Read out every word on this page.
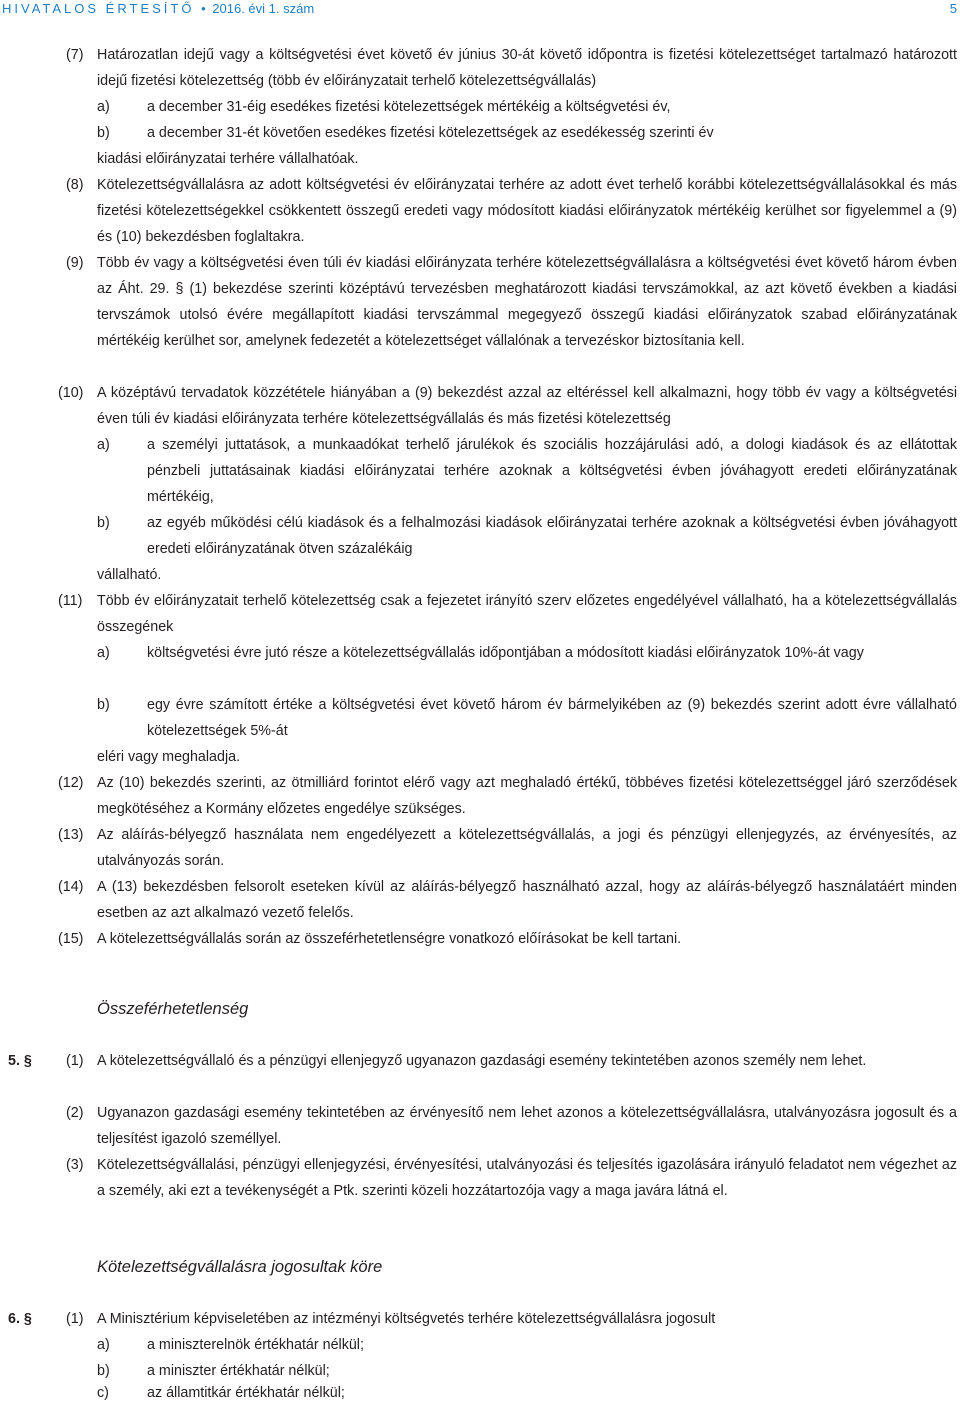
HIVATALOS ÉRTESÍTŐ • 2016. évi 1. szám	5
(7) Határozatlan idejű vagy a költségvetési évet követő év június 30-át követő időpontra is fizetési kötelezettséget tartalmazó határozott idejű fizetési kötelezettség (több év előirányzatait terhelő kötelezettségvállalás)
a)	a december 31-éig esedékes fizetési kötelezettségek mértékéig a költségvetési év,
b)	a december 31-ét követően esedékes fizetési kötelezettségek az esedékesség szerinti év
kiadási előirányzatai terhére vállalhatóak.
(8) Kötelezettségvállalásra az adott költségvetési év előirányzatai terhére az adott évet terhelő korábbi kötelezettségvállalásokkal és más fizetési kötelezettségekkel csökkentett összegű eredeti vagy módosított kiadási előirányzatok mértékéig kerülhet sor figyelemmel a (9) és (10) bekezdésben foglaltakra.
(9) Több év vagy a költségvetési éven túli év kiadási előirányzata terhére kötelezettségvállalásra a költségvetési évet követő három évben az Áht. 29. § (1) bekezdése szerinti középtávú tervezésben meghatározott kiadási tervszámokkal, az azt követő években a kiadási tervszámok utolsó évére megállapított kiadási tervszámmal megegyező összegű kiadási előirányzatok szabad előirányzatának mértékéig kerülhet sor, amelynek fedezetét a kötelezettséget vállalónak a tervezéskor biztosítania kell.
(10) A középtávú tervadatok közzététele hiányában a (9) bekezdést azzal az eltéréssel kell alkalmazni, hogy több év vagy a költségvetési éven túli év kiadási előirányzata terhére kötelezettségvállalás és más fizetési kötelezettség
a)	a személyi juttatások, a munkaadókat terhelő járulékok és szociális hozzájárulási adó, a dologi kiadások és az ellátottak pénzbeli juttatásainak kiadási előirányzatai terhére azoknak a költségvetési évben jóváhagyott eredeti előirányzatának mértékéig,
b)	az egyéb működési célú kiadások és a felhalmozási kiadások előirányzatai terhére azoknak a költségvetési évben jóváhagyott eredeti előirányzatának ötven százalékáig
vállalható.
(11) Több év előirányzatait terhelő kötelezettség csak a fejezetet irányító szerv előzetes engedélyével vállalható, ha a kötelezettségvállalás összegének
a)	költségvetési évre jutó része a kötelezettségvállalás időpontjában a módosított kiadási előirányzatok 10%-át vagy
b)	egy évre számított értéke a költségvetési évet követő három év bármelyikében az (9) bekezdés szerint adott évre vállalható kötelezettségek 5%-át
eléri vagy meghaladja.
(12) Az (10) bekezdés szerinti, az ötmilliárd forintot elérő vagy azt meghaladó értékű, többéves fizetési kötelezettséggel járó szerződések megkötéséhez a Kormány előzetes engedélye szükséges.
(13) Az aláírás-bélyegző használata nem engedélyezett a kötelezettségvállalás, a jogi és pénzügyi ellenjegyzés, az érvényesítés, az utalványozás során.
(14) A (13) bekezdésben felsorolt eseteken kívül az aláírás-bélyegző használható azzal, hogy az aláírás-bélyegző használatáért minden esetben az azt alkalmazó vezető felelős.
(15) A kötelezettségvállalás során az összeférhetetlenségre vonatkozó előírásokat be kell tartani.
Összeférhetetlenség
5. § (1) A kötelezettségvállaló és a pénzügyi ellenjegyző ugyanazon gazdasági esemény tekintetében azonos személy nem lehet.
(2) Ugyanazon gazdasági esemény tekintetében az érvényesítő nem lehet azonos a kötelezettségvállalásra, utalványozásra jogosult és a teljesítést igazoló személlyel.
(3) Kötelezettségvállalási, pénzügyi ellenjegyzési, érvényesítési, utalványozási és teljesítés igazolására irányuló feladatot nem végezhet az a személy, aki ezt a tevékenységét a Ptk. szerinti közeli hozzátartozója vagy a maga javára látná el.
Kötelezettségvállalásra jogosultak köre
6. § (1) A Minisztérium képviseletében az intézményi költségvetés terhére kötelezettségvállalásra jogosult
a)	a miniszterelnök értékhatár nélkül;
b)	a miniszter értékhatár nélkül;
c)	az államtitkár értékhatár nélkül;
